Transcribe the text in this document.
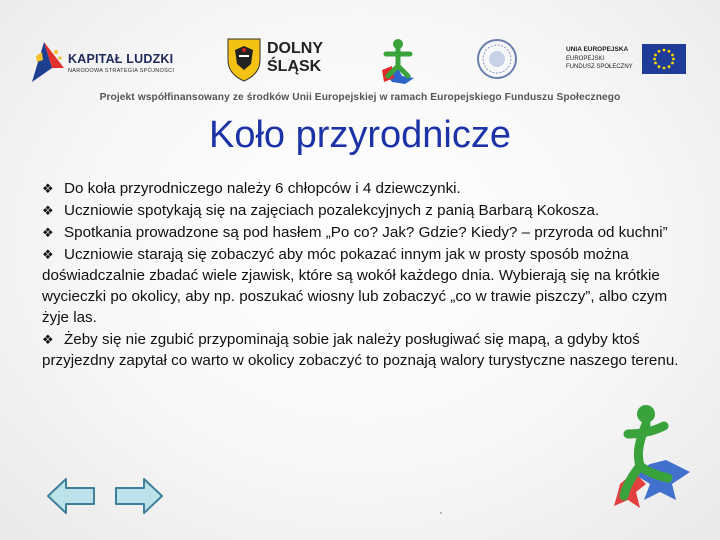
KAPITAŁ LUDZKI
NARODOWA STRATEGIA SPÓJNOŚCI
DOLNY
ŚLĄSK
UNIA EUROPEJSKA
EUROPEJSKI
FUNDUSZ SPOŁECZNY
Projekt współfinansowany ze środków Unii Europejskiej w ramach Europejskiego Funduszu Społecznego
Koło przyrodnicze
❖ Do koła przyrodniczego należy 6 chłopców i 4 dziewczynki.
❖ Uczniowie spotykają się na zajęciach pozalekcyjnych z panią Barbarą Kokosza.
❖ Spotkania prowadzone są pod hasłem „Po co? Jak? Gdzie? Kiedy? – przyroda od kuchni”
❖ Uczniowie starają się zobaczyć aby móc pokazać innym jak w prosty sposób można doświadczalnie zbadać wiele zjawisk, które są wokół każdego dnia. Wybierają się na krótkie wycieczki po okolicy, aby np. poszukać wiosny lub zobaczyć „co w trawie piszczy”, albo czym żyje las.
❖ Żeby się nie zgubić przypominają sobie jak należy posługiwać się mapą, a gdyby ktoś przyjezdny zapytał co warto w okolicy zobaczyć to poznają walory turystyczne naszego terenu.
